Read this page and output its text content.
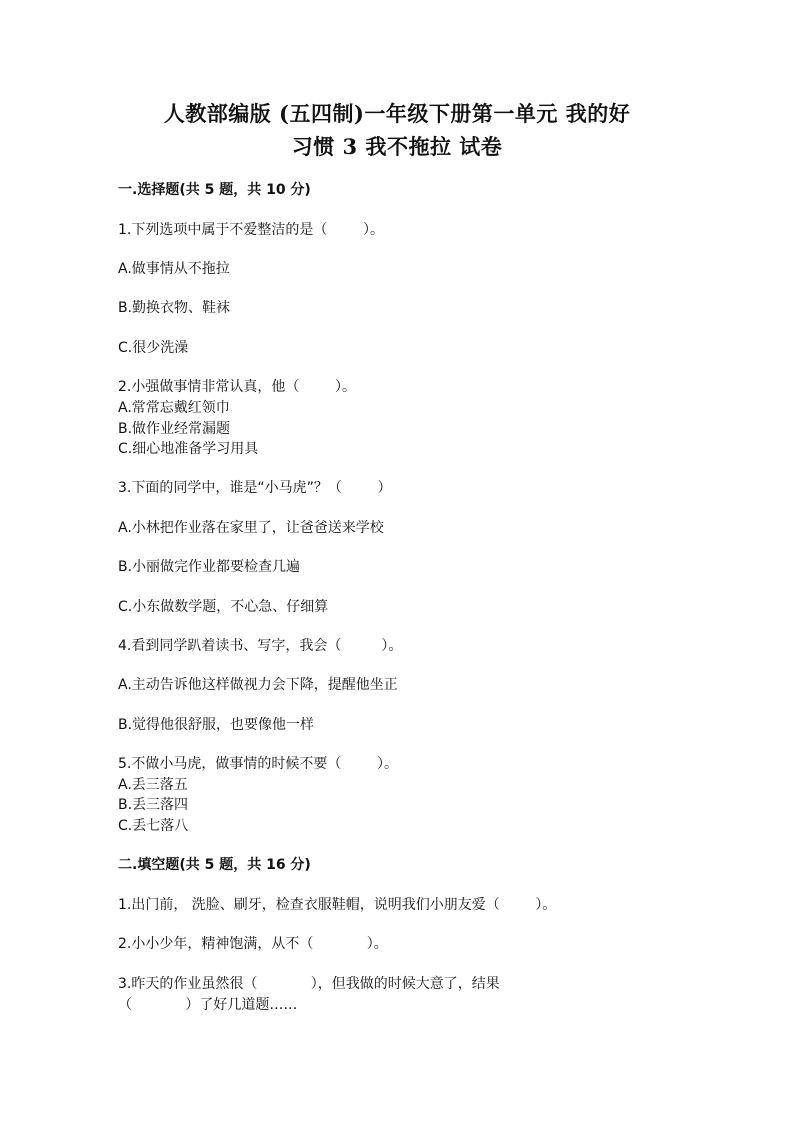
人教部编版 (五四制)一年级下册第一单元 我的好
习惯 3 我不拖拉 试卷
一.选择题(共 5 题，共 10 分)
1.下列选项中属于不爱整洁的是（        ）。
A.做事情从不拖拉
B.勤换衣物、鞋袜
C.很少洗澡
2.小强做事情非常认真，他（        ）。
A.常常忘戴红领巾
B.做作业经常漏题
C.细心地准备学习用具
3.下面的同学中，谁是“小马虎”？（        ）
A.小林把作业落在家里了，让爸爸送来学校
B.小丽做完作业都要检查几遍
C.小东做数学题，不心急、仔细算
4.看到同学趴着读书、写字，我会（         ）。
A.主动告诉他这样做视力会下降，提醒他坐正
B.觉得他很舒服，也要像他一样
5.不做小马虎，做事情的时候不要（        ）。
A.丢三落五
B.丢三落四
C.丢七落八
二.填空题(共 5 题，共 16 分)
1.出门前， 洗脸、刷牙，检查衣服鞋帽，说明我们小朋友爱（        ）。
2.小小少年，精神饱满，从不（            ）。
3.昨天的作业虽然很（            ），但我做的时候大意了，结果
（            ）了好几道题……
